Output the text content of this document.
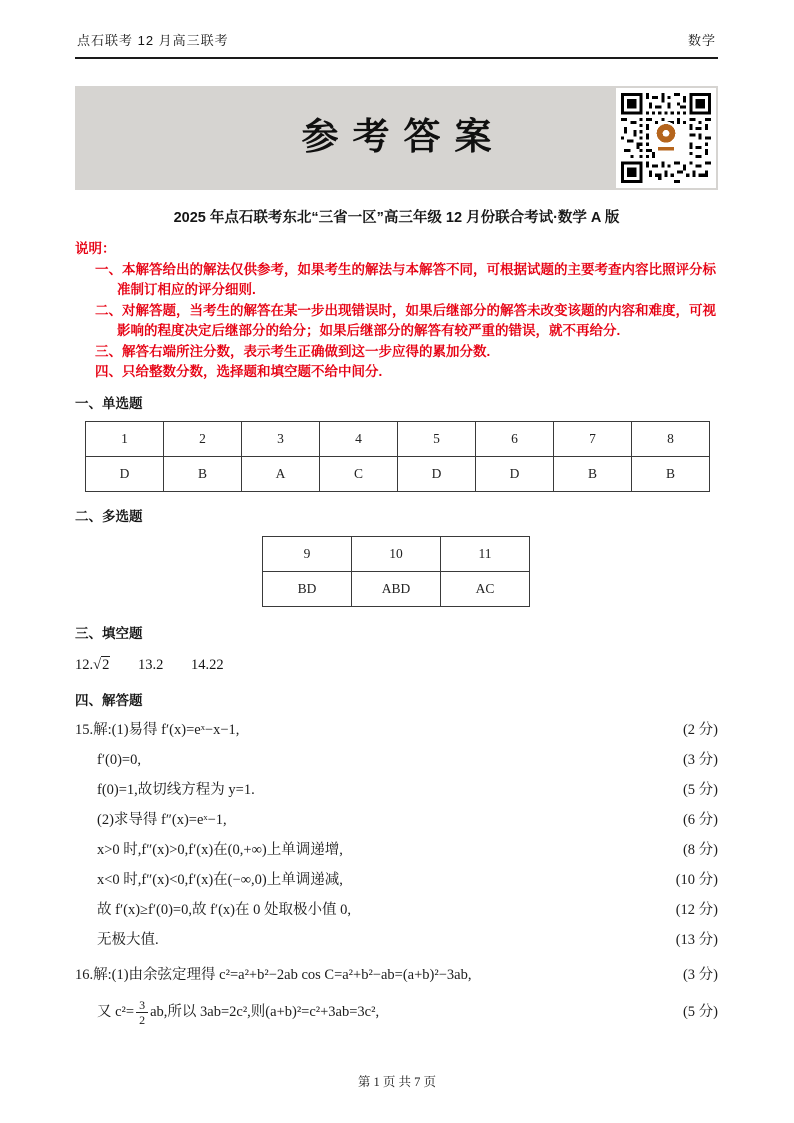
点石联考 12 月高三联考	数学
参考答案
2025 年点石联考东北“三省一区”高三年级 12 月份联合考试·数学 A 版
说明：
一、本解答给出的解法仅供参考，如果考生的解法与本解答不同，可根据试题的主要考查内容比照评分标准制订相应的评分细则.
二、对解答题，当考生的解答在某一步出现错误时，如果后继部分的解答未改变该题的内容和难度，可视影响的程度决定后继部分的给分；如果后继部分的解答有较严重的错误，就不再给分.
三、解答右端所注分数，表示考生正确做到这一步应得的累加分数.
四、只给整数分数，选择题和填空题不给中间分.
一、单选题
1	2	3	4	5	6	7	8
D	B	A	C	D	D	B	B
二、多选题
9	10	11
BD	ABD	AC
三、填空题
12.√2 13.2 14.22
四、解答题
15.解:(1)易得 f′(x)=eˣ−x−1,	(2 分)
f′(0)=0,	(3 分)
f(0)=1,故切线方程为 y=1.	(5 分)
(2)求导得 f″(x)=eˣ−1,	(6 分)
x>0 时,f″(x)>0,f′(x)在(0,+∞)上单调递增,	(8 分)
x<0 时,f″(x)<0,f′(x)在(−∞,0)上单调递减,	(10 分)
故 f′(x)≥f′(0)=0,故 f′(x)在 0 处取极小值 0,	(12 分)
无极大值.	(13 分)
16.解:(1)由余弦定理得 c²=a²+b²−2ab cos C=a²+b²−ab=(a+b)²−3ab,	(3 分)
又 $c^2= \frac{3}{2}$ ab,所以 3ab=2c²,则(a+b)²=c²+3ab=3c²,	(5 分)
第 1 页 共 7 页
